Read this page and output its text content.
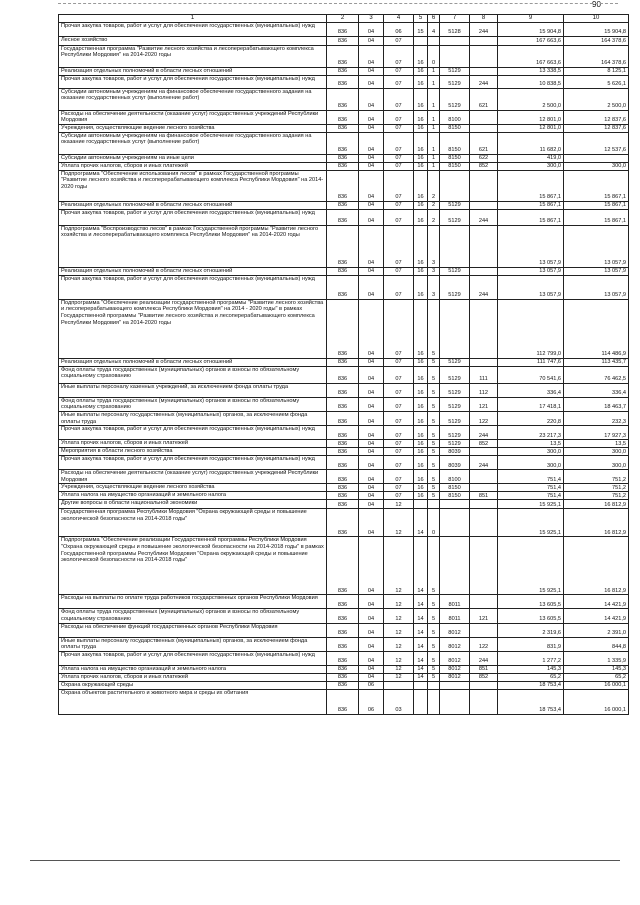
90
1	2	3	4	5	6	7	8	9	10
Прочая закупка товаров, работ и услуг для обеспечения государственных (муниципальных) нужд	836	04	06	15	4	5128	244	15 904,8	15 904,8
Лесное хозяйство	836	04	07					167 663,6	164 378,6
Государственная программа "Развитие лесного хозяйства и лесоперерабатывающего комплекса Республики Мордовия" на 2014-2020 годы	836	04	07	16	0			167 663,6	164 378,6
Реализация отдельных полномочий в области лесных отношений	836	04	07	16	1	5129		13 338,5	8 125,1
Прочая закупка товаров, работ и услуг для обеспечения государственных (муниципальных) нужд	836	04	07	16	1	5129	244	10 838,5	5 626,1
Субсидии автономным учреждениям на финансовое обеспечение государственного задания на оказание государственных услуг (выполнение работ)	836	04	07	16	1	5129	621	2 500,0	2 500,0
Расходы на обеспечение деятельности (оказание услуг) государственных учреждений Республики Мордовия	836	04	07	16	1	8100		12 801,0	12 837,6
Учреждения, осуществляющие ведение лесного хозяйства	836	04	07	16	1	8150		12 801,0	12 837,6
Субсидии автономным учреждениям на финансовое обеспечение государственного задания на оказание государственных услуг (выполнение работ)	836	04	07	16	1	8150	621	11 682,0	12 537,6
Субсидии автономным учреждениям на иные цели	836	04	07	16	1	8150	622	419,0	
Уплата прочих налогов, сборов и иных платежей	836	04	07	16	1	8150	852	300,0	300,0
Подпрограмма "Обеспечение использования лесов" в рамках Государственной программы "Развитие лесного хозяйства и лесоперерабатывающего комплекса Республики Мордовия" на 2014-2020 годы	836	04	07	16	2			15 867,1	15 867,1
Реализация отдельных полномочий в области лесных отношений	836	04	07	16	2	5129		15 867,1	15 867,1
Прочая закупка товаров, работ и услуг для обеспечения государственных (муниципальных) нужд	836	04	07	16	2	5129	244	15 867,1	15 867,1
Подпрограмма "Воспроизводство лесов" в рамках Государственной программы "Развитие лесного хозяйства и лесоперерабатывающего комплекса Республики Мордовия" на 2014-2020 годы	836	04	07	16	3			13 057,9	13 057,9
Реализация отдельных полномочий в области лесных отношений	836	04	07	16	3	5129		13 057,9	13 057,9
Прочая закупка товаров, работ и услуг для обеспечения государственных (муниципальных) нужд	836	04	07	16	3	5129	244	13 057,9	13 057,9
Подпрограмма "Обеспечение реализации государственной программы "Развитие лесного хозяйства и лесоперерабатывающего комплекса Республики Мордовия" на 2014 - 2020 годы" в рамках Государственной программы "Развитие лесного хозяйства и лесоперерабатывающего комплекса Республики Мордовия" на 2014-2020 годы	836	04	07	16	5			112 799,0	114 486,9
Реализация отдельных полномочий в области лесных отношений	836	04	07	16	5	5129		111 747,6	113 435,7
Фонд оплаты труда государственных (муниципальных) органов и взносы по обязательному социальному страхованию	836	04	07	16	5	5129	111	70 541,6	76 462,5
Иные выплаты персоналу казенных учреждений, за исключением фонда оплаты труда	836	04	07	16	5	5129	112	336,4	336,4
Фонд оплаты труда государственных (муниципальных) органов и взносы по обязательному социальному страхованию	836	04	07	16	5	5129	121	17 418,1	18 463,7
Иные выплаты персоналу государственных (муниципальных) органов, за исключением фонда оплаты труда	836	04	07	16	5	5129	122	220,8	232,3
Прочая закупка товаров, работ и услуг для обеспечения государственных (муниципальных) нужд	836	04	07	16	5	5129	244	23 217,3	17 927,3
Уплата прочих налогов, сборов и иных платежей	836	04	07	16	5	5129	852	13,5	13,5
Мероприятия в области лесного хозяйства	836	04	07	16	5	8039		300,0	300,0
Прочая закупка товаров, работ и услуг для обеспечения государственных (муниципальных) нужд	836	04	07	16	5	8039	244	300,0	300,0
Расходы на обеспечение деятельности (оказание услуг) государственных учреждений Республики Мордовия	836	04	07	16	5	8100		751,4	751,2
Учреждения, осуществляющие ведение лесного хозяйства	836	04	07	16	5	8150		751,4	751,2
Уплата налога на имущество организаций и земельного налога	836	04	07	16	5	8150	851	751,4	751,2
Другие вопросы в области национальной экономики	836	04	12					15 925,1	16 812,9
Государственная программа Республики Мордовия "Охрана окружающей среды и повышение экологической безопасности на 2014-2018 годы"	836	04	12	14	0			15 925,1	16 812,9
Подпрограмма "Обеспечение реализации Государственной программы Республики Мордовия "Охрана окружающей среды и повышение экологической безопасности на 2014-2018 годы" в рамках Государственной программы Республики Мордовия "Охрана окружающей среды и повышение экологической безопасности на 2014-2018 годы"	836	04	12	14	5			15 925,1	16 812,9
Расходы на выплаты по оплате труда работников государственных органов Республики Мордовия	836	04	12	14	5	8011		13 605,5	14 421,9
Фонд оплаты труда государственных (муниципальных) органов и взносы по обязательному социальному страхованию	836	04	12	14	5	8011	121	13 605,5	14 421,9
Расходы на обеспечение функций государственных органов Республики Мордовия	836	04	12	14	5	8012		2 319,6	2 391,0
Иные выплаты персоналу государственных (муниципальных) органов, за исключением фонда оплаты труда	836	04	12	14	5	8012	122	831,9	844,8
Прочая закупка товаров, работ и услуг для обеспечения государственных (муниципальных) нужд	836	04	12	14	5	8012	244	1 277,2	1 335,9
Уплата налога на имущество организаций и земельного налога	836	04	12	14	5	8012	851	145,3	145,3
Уплата прочих налогов, сборов и иных платежей	836	04	12	14	5	8012	852	65,2	65,2
Охрана окружающей среды	836	06						18 753,4	16 000,1
Охрана объектов растительного и животного мира и среды их обитания	836	06	03					18 753,4	16 000,1
